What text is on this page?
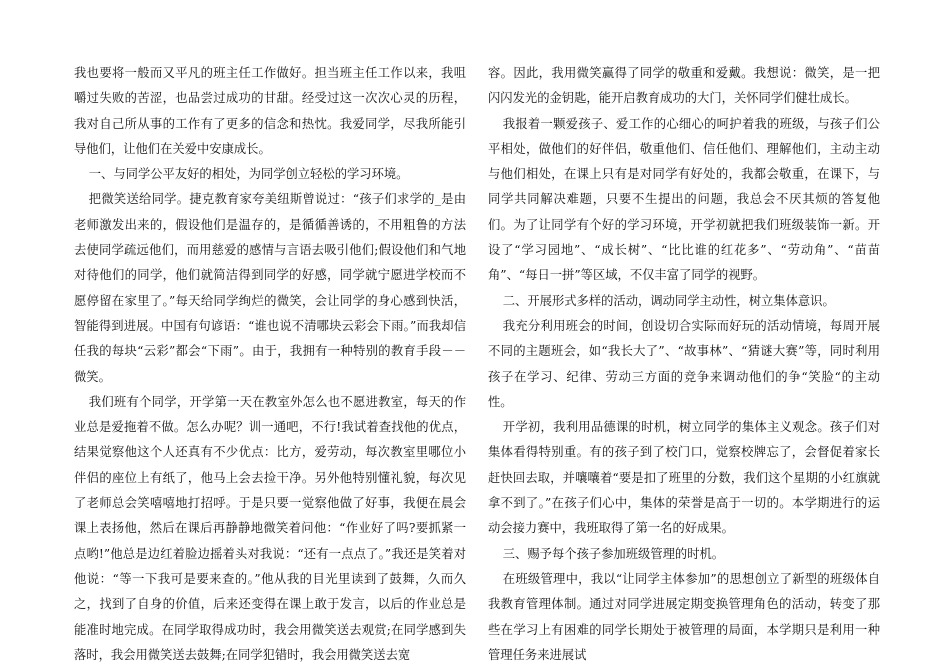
我也要将一般而又平凡的班主任工作做好。担当班主任工作以来，我咀嚼过失败的苦涩，也品尝过成功的甘甜。经受过这一次次心灵的历程，我对自己所从事的工作有了更多的信念和热忱。我爱同学，尽我所能引导他们，让他们在关爱中安康成长。

一、与同学公平友好的相处，为同学创立轻松的学习环境。

把微笑送给同学。捷克教育家夸美纽斯曾说过：“孩子们求学的_是由老师激发出来的，假设他们是温存的，是循循善诱的，不用粗鲁的方法去使同学疏远他们，而用慈爱的感情与言语去吸引他们;假设他们和气地对待他们的同学，他们就简洁得到同学的好感，同学就宁愿进学校而不愿停留在家里了。”每天给同学绚烂的微笑，会让同学的身心感到快活，智能得到进展。中国有句谚语：“谁也说不清哪块云彩会下雨。”而我却信任我的每块“云彩”都会“下雨”。由于，我拥有一种特别的教育手段－－微笑。

我们班有个同学，开学第一天在教室外怎么也不愿进教室，每天的作业总是爱拖着不做。怎么办呢？训一通吧，不行!我试着查找他的优点，结果觉察他这个人还真有不少优点：比方，爱劳动，每次教室里哪位小伴侣的座位上有纸了，他马上会去捡干净。另外他特别懂礼貌，每次见了老师总会笑嘻嘻地打招呼。于是只要一觉察他做了好事，我便在晨会课上表扬他，然后在课后再静静地微笑着问他：“作业好了吗?要抓紧一点哟!”他总是边红着脸边摇着头对我说：“还有一点点了。”我还是笑着对他说：“等一下我可是要来查的。”他从我的目光里读到了鼓舞，久而久之，找到了自身的价值，后来还变得在课上敢于发言，以后的作业总是能准时地完成。在同学取得成功时，我会用微笑送去观赏;在同学感到失落时，我会用微笑送去鼓舞;在同学犯错时，我会用微笑送去宽

容。因此，我用微笑赢得了同学的敬重和爱戴。我想说：微笑，是一把闪闪发光的金钥匙，能开启教育成功的大门，关怀同学们健壮成长。

我报着一颗爱孩子、爱工作的心细心的呵护着我的班级，与孩子们公平相处，做他们的好伴侣，敬重他们、信任他们、理解他们，主动主动与他们相处，在课上只有是对同学有好处的，我都会敬重，在课下，与同学共同解决难题，只要不生提出的问题，我总会不厌其烦的答复他们。为了让同学有个好的学习环境，开学初就把我们班级装饰一新。开设了“学习园地”、“成长树”、“比比谁的红花多”、“劳动角”、“苗苗角”、“每日一拼”等区域，不仅丰富了同学的视野。

二、开展形式多样的活动，调动同学主动性，树立集体意识。

我充分利用班会的时间，创设切合实际而好玩的活动情境，每周开展不同的主题班会，如“我长大了”、“故事林”、“猜谜大赛”等，同时利用孩子在学习、纪律、劳动三方面的竞争来调动他们的争“笑脸“的主动性。

开学初，我利用品德课的时机，树立同学的集体主义观念。孩子们对集体看得特别重。有的孩子到了校门口，觉察校牌忘了，会督促着家长赶快回去取，并嚷嚷着“要是扣了班里的分数，我们这个星期的小红旗就拿不到了。”在孩子们心中，集体的荣誉是高于一切的。本学期进行的运动会接力赛中，我班取得了第一名的好成果。

三、赐予每个孩子参加班级管理的时机。

在班级管理中，我以“让同学主体参加”的思想创立了新型的班级体自我教育管理体制。通过对同学进展定期变换管理角色的活动，转变了那些在学习上有困难的同学长期处于被管理的局面，本学期只是利用一种管理任务来进展试
